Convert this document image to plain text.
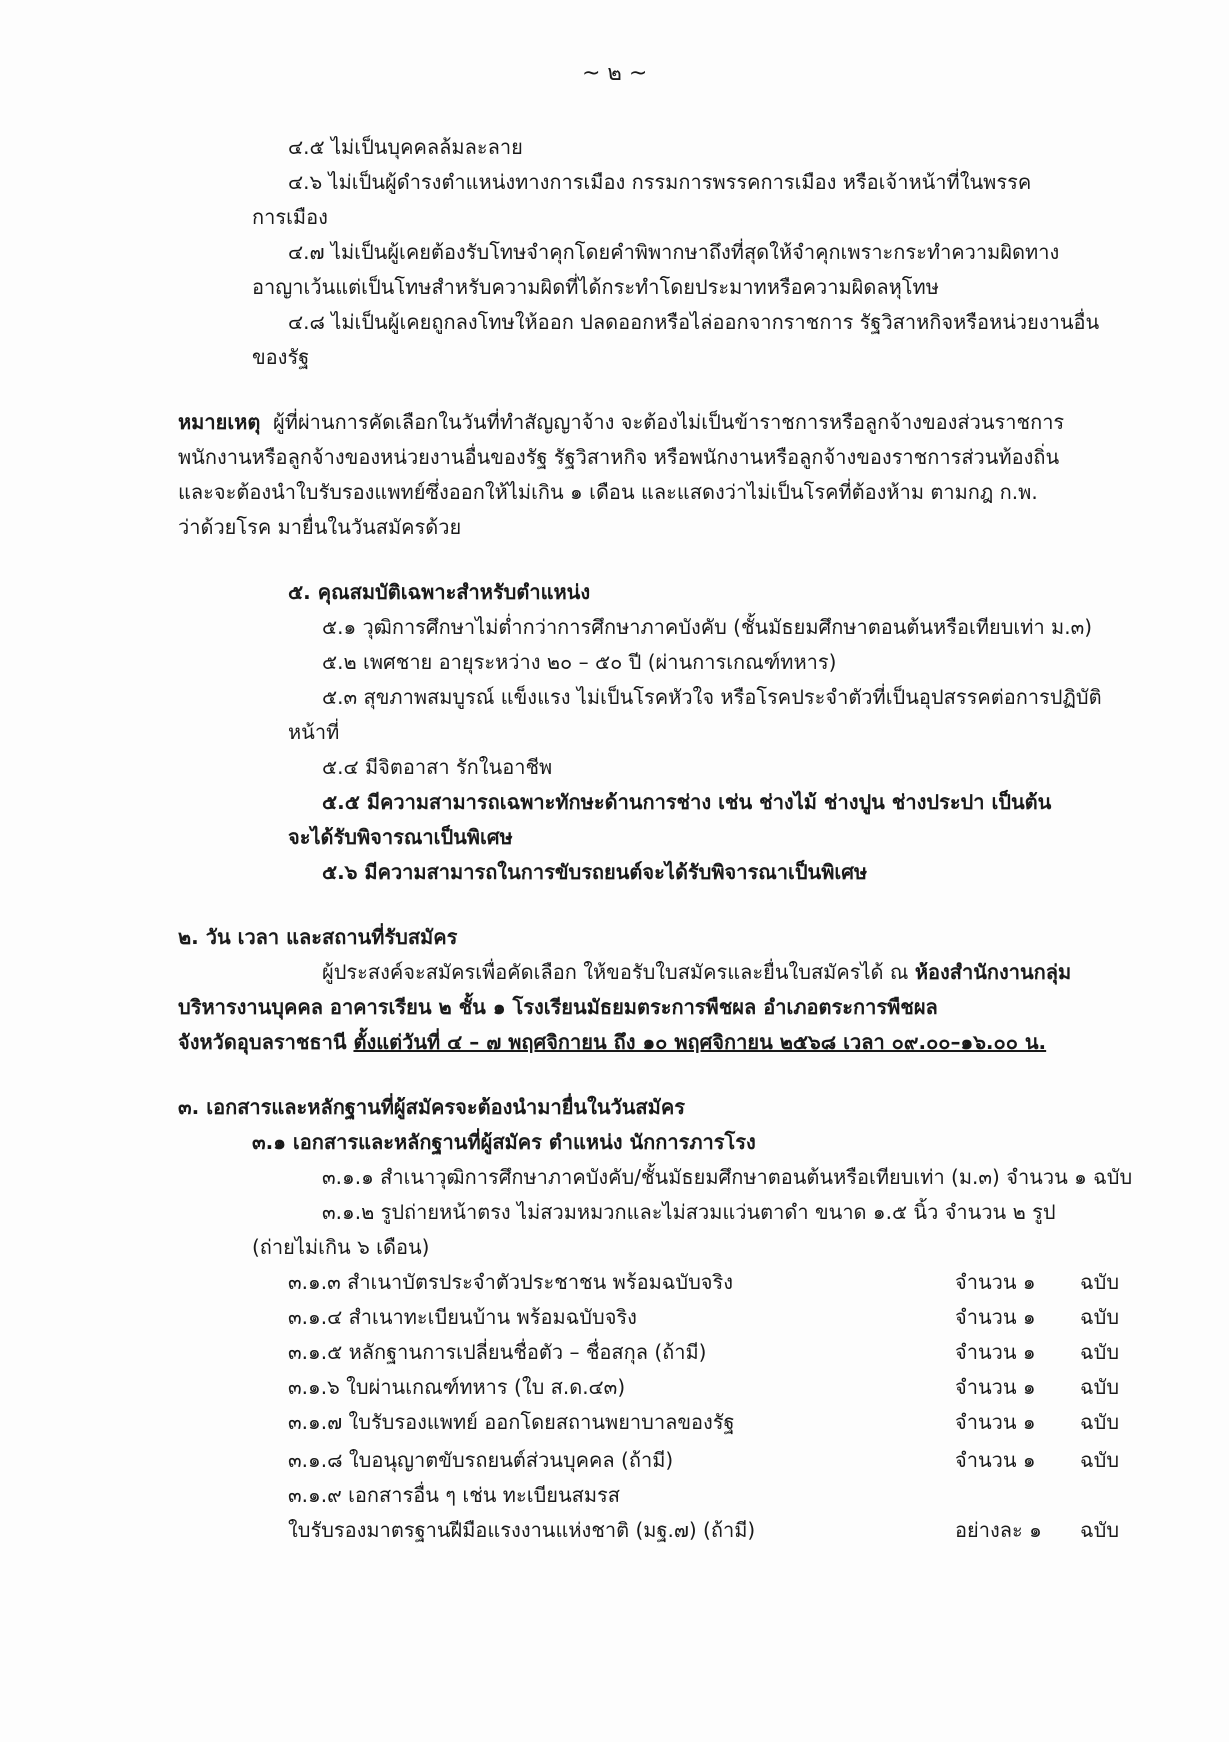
~ ๒ ~
๔.๕ ไม่เป็นบุคคลล้มละลาย
๔.๖ ไม่เป็นผู้ดำรงตำแหน่งทางการเมือง กรรมการพรรคการเมือง หรือเจ้าหน้าที่ในพรรค
การเมือง
๔.๗ ไม่เป็นผู้เคยต้องรับโทษจำคุกโดยคำพิพากษาถึงที่สุดให้จำคุกเพราะกระทำความผิดทาง
อาญาเว้นแต่เป็นโทษสำหรับความผิดที่ได้กระทำโดยประมาทหรือความผิดลหุโทษ
๔.๘ ไม่เป็นผู้เคยถูกลงโทษให้ออก ปลดออกหรือไล่ออกจากราชการ รัฐวิสาหกิจหรือหน่วยงานอื่น
ของรัฐ
หมายเหตุ ผู้ที่ผ่านการคัดเลือกในวันที่ทำสัญญาจ้าง จะต้องไม่เป็นข้าราชการหรือลูกจ้างของส่วนราชการ
พนักงานหรือลูกจ้างของหน่วยงานอื่นของรัฐ รัฐวิสาหกิจ หรือพนักงานหรือลูกจ้างของราชการส่วนท้องถิ่น
และจะต้องนำใบรับรองแพทย์ซึ่งออกให้ไม่เกิน ๑ เดือน และแสดงว่าไม่เป็นโรคที่ต้องห้าม ตามกฎ ก.พ.
ว่าด้วยโรค มายื่นในวันสมัครด้วย
๕. คุณสมบัติเฉพาะสำหรับตำแหน่ง
๕.๑ วุฒิการศึกษาไม่ต่ำกว่าการศึกษาภาคบังคับ (ชั้นมัธยมศึกษาตอนต้นหรือเทียบเท่า ม.๓)
๕.๒ เพศชาย อายุระหว่าง ๒๐ – ๕๐ ปี (ผ่านการเกณฑ์ทหาร)
๕.๓ สุขภาพสมบูรณ์ แข็งแรง ไม่เป็นโรคหัวใจ หรือโรคประจำตัวที่เป็นอุปสรรคต่อการปฏิบัติ
หน้าที่
๕.๔ มีจิตอาสา รักในอาชีพ
๕.๕ มีความสามารถเฉพาะทักษะด้านการช่าง เช่น ช่างไม้ ช่างปูน ช่างประปา เป็นต้น
จะได้รับพิจารณาเป็นพิเศษ
๕.๖ มีความสามารถในการขับรถยนต์จะได้รับพิจารณาเป็นพิเศษ
๒. วัน เวลา และสถานที่รับสมัคร
ผู้ประสงค์จะสมัครเพื่อคัดเลือก ให้ขอรับใบสมัครและยื่นใบสมัครได้ ณ ห้องสำนักงานกลุ่ม
บริหารงานบุคคล อาคารเรียน ๒ ชั้น ๑ โรงเรียนมัธยมตระการพืชผล อำเภอตระการพืชผล
จังหวัดอุบลราชธานี ตั้งแต่วันที่ ๔ – ๗ พฤศจิกายน ถึง ๑๐ พฤศจิกายน ๒๕๖๘ เวลา ๐๙.๐๐–๑๖.๐๐ น.
๓. เอกสารและหลักฐานที่ผู้สมัครจะต้องนำมายื่นในวันสมัคร
๓.๑ เอกสารและหลักฐานที่ผู้สมัคร ตำแหน่ง นักการภารโรง
๓.๑.๑ สำเนาวุฒิการศึกษาภาคบังคับ/ชั้นมัธยมศึกษาตอนต้นหรือเทียบเท่า (ม.๓) จำนวน ๑ ฉบับ
๓.๑.๒ รูปถ่ายหน้าตรง ไม่สวมหมวกและไม่สวมแว่นตาดำ ขนาด ๑.๕ นิ้ว จำนวน ๒ รูป
(ถ่ายไม่เกิน ๖ เดือน)
๓.๑.๓ สำเนาบัตรประจำตัวประชาชน พร้อมฉบับจริง	จำนวน ๑ ฉบับ
๓.๑.๔ สำเนาทะเบียนบ้าน พร้อมฉบับจริง	จำนวน ๑ ฉบับ
๓.๑.๕ หลักฐานการเปลี่ยนชื่อตัว – ชื่อสกุล (ถ้ามี)	จำนวน ๑ ฉบับ
๓.๑.๖ ใบผ่านเกณฑ์ทหาร (ใบ ส.ด.๔๓)	จำนวน ๑ ฉบับ
๓.๑.๗ ใบรับรองแพทย์ ออกโดยสถานพยาบาลของรัฐ	จำนวน ๑ ฉบับ
๓.๑.๘ ใบอนุญาตขับรถยนต์ส่วนบุคคล (ถ้ามี)	จำนวน ๑ ฉบับ
๓.๑.๙ เอกสารอื่น ๆ เช่น ทะเบียนสมรส
ใบรับรองมาตรฐานฝีมือแรงงานแห่งชาติ (มฐ.๗) (ถ้ามี)	อย่างละ ๑ ฉบับ
